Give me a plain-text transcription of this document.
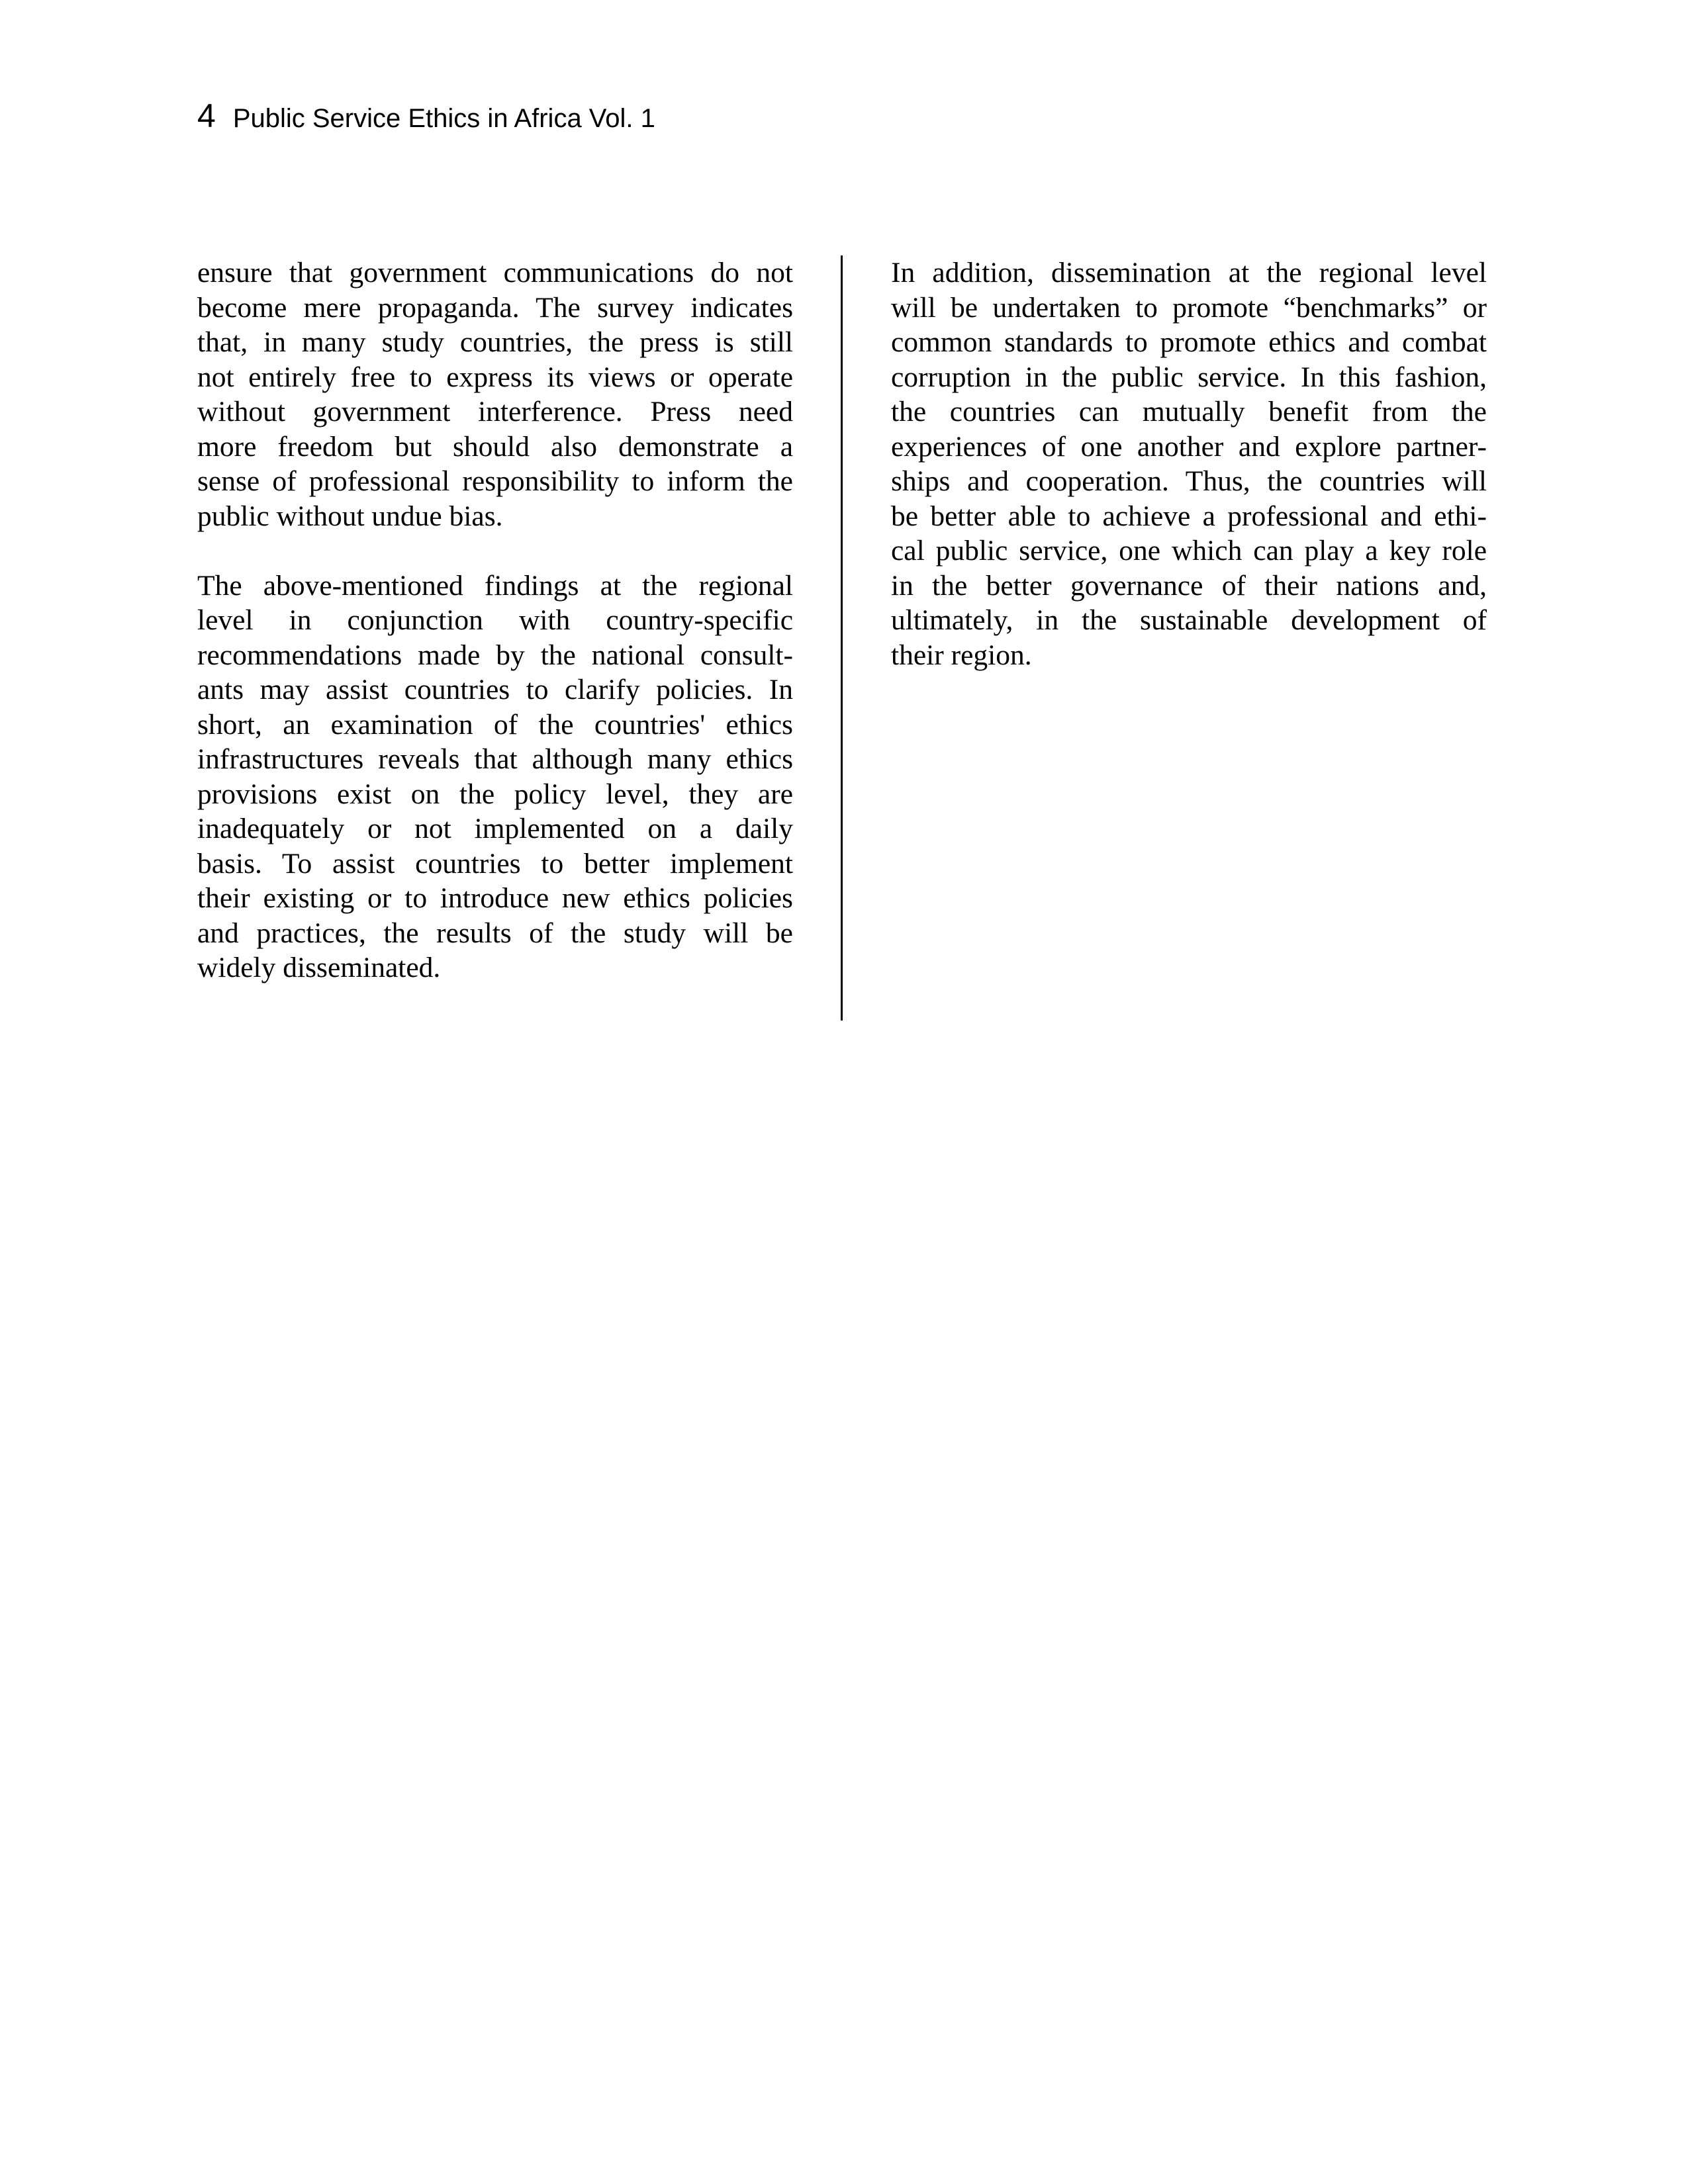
4 Public Service Ethics in Africa Vol. 1
ensure that government communications do not
become mere propaganda. The survey indicates
that, in many study countries, the press is still
not entirely free to express its views or operate
without government interference. Press need
more freedom but should also demonstrate a
sense of professional responsibility to inform the
public without undue bias.
The above-mentioned findings at the regional
level in conjunction with country-specific
recommendations made by the national consult-
ants may assist countries to clarify policies. In
short, an examination of the countries' ethics
infrastructures reveals that although many ethics
provisions exist on the policy level, they are
inadequately or not implemented on a daily
basis. To assist countries to better implement
their existing or to introduce new ethics policies
and practices, the results of the study will be
widely disseminated.
In addition, dissemination at the regional level
will be undertaken to promote “benchmarks” or
common standards to promote ethics and combat
corruption in the public service. In this fashion,
the countries can mutually benefit from the
experiences of one another and explore partner-
ships and cooperation. Thus, the countries will
be better able to achieve a professional and ethi-
cal public service, one which can play a key role
in the better governance of their nations and,
ultimately, in the sustainable development of
their region.
